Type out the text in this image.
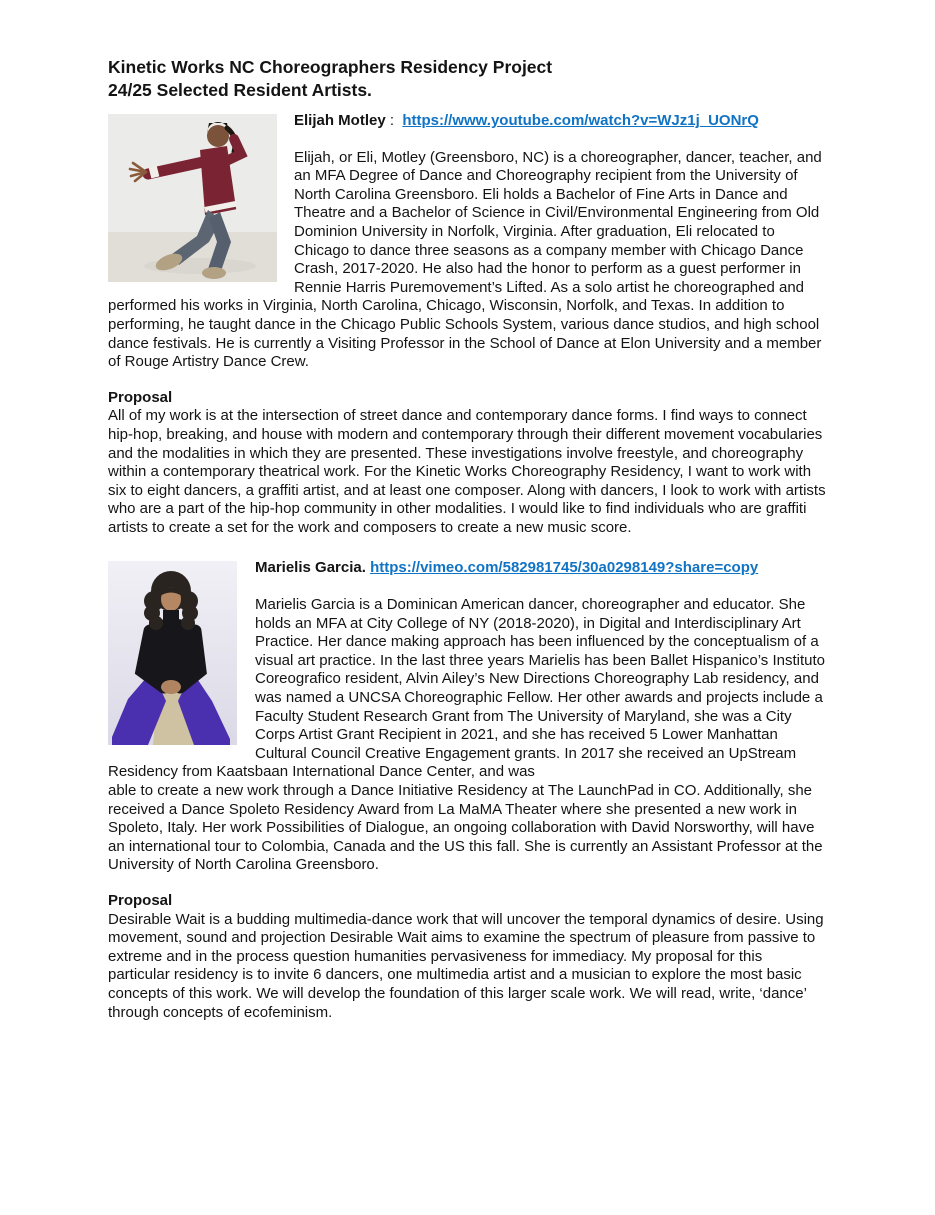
Kinetic Works NC Choreographers Residency Project
24/25 Selected Resident Artists.

Elijah Motley :  https://www.youtube.com/watch?v=WJz1j_UONrQ

Elijah, or Eli, Motley (Greensboro, NC) is a choreographer, dancer, teacher, and an MFA Degree of Dance and Choreography recipient from the University of North Carolina Greensboro. Eli holds a Bachelor of Fine Arts in Dance and Theatre and a Bachelor of Science in Civil/Environmental Engineering from Old Dominion University in Norfolk, Virginia. After graduation, Eli relocated to Chicago to dance three seasons as a company member with Chicago Dance Crash, 2017-2020. He also had the honor to perform as a guest performer in Rennie Harris Puremovement’s Lifted. As a solo artist he choreographed and performed his works in Virginia, North Carolina, Chicago, Wisconsin, Norfolk, and Texas. In addition to performing, he taught dance in the Chicago Public Schools System, various dance studios, and high school dance festivals. He is currently a Visiting Professor in the School of Dance at Elon University and a member of Rouge Artistry Dance Crew.

Proposal

All of my work is at the intersection of street dance and contemporary dance forms. I find ways to connect hip-hop, breaking, and house with modern and contemporary through their different movement vocabularies and the modalities in which they are presented. These investigations involve freestyle, and choreography within a contemporary theatrical work. For the Kinetic Works Choreography Residency, I want to work with six to eight dancers, a graffiti artist, and at least one composer. Along with dancers, I look to work with artists who are a part of the hip-hop community in other modalities. I would like to find individuals who are graffiti artists to create a set for the work and composers to create a new music score.

Marielis Garcia. https://vimeo.com/582981745/30a0298149?share=copy

Marielis Garcia is a Dominican American dancer, choreographer and educator. She holds an MFA at City College of NY (2018-2020), in Digital and Interdisciplinary Art Practice. Her dance making approach has been influenced by the conceptualism of a visual art practice. In the last three years Marielis has been Ballet Hispanico’s Instituto Coreografico resident, Alvin Ailey’s New Directions Choreography Lab residency, and was named a UNCSA Choreographic Fellow. Her other awards and projects include a Faculty Student Research Grant from The University of Maryland, she was a City Corps Artist Grant Recipient in 2021, and she has received 5 Lower Manhattan Cultural Council Creative Engagement grants. In 2017 she received an UpStream Residency from Kaatsbaan International Dance Center, and was
able to create a new work through a Dance Initiative Residency at The LaunchPad in CO. Additionally, she received a Dance Spoleto Residency Award from La MaMA Theater where she presented a new work in Spoleto, Italy. Her work Possibilities of Dialogue, an ongoing collaboration with David Norsworthy, will have an international tour to Colombia, Canada and the US this fall. She is currently an Assistant Professor at the University of North Carolina Greensboro.

Proposal

Desirable Wait is a budding multimedia-dance work that will uncover the temporal dynamics of desire. Using movement, sound and projection Desirable Wait aims to examine the spectrum of pleasure from passive to extreme and in the process question humanities pervasiveness for immediacy. My proposal for this particular residency is to invite 6 dancers, one multimedia artist and a musician to explore the most basic concepts of this work. We will develop the foundation of this larger scale work. We will read, write, ‘dance’ through concepts of ecofeminism.
